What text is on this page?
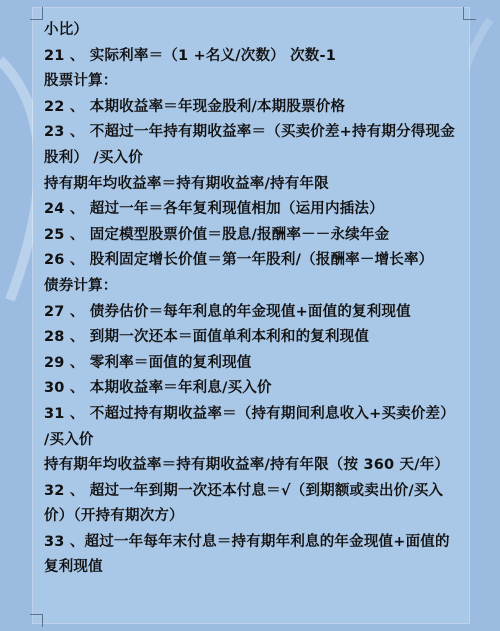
小比）
21 、 实际利率＝（1 +名义/次数） 次数-1
股票计算：
22 、 本期收益率＝年现金股利/本期股票价格
23 、 不超过一年持有期收益率＝（买卖价差+持有期分得现金
股利） /买入价
持有期年均收益率＝持有期收益率/持有年限
24 、 超过一年＝各年复利现值相加（运用内插法）
25 、 固定模型股票价值＝股息/报酬率－－永续年金
26 、 股利固定增长价值＝第一年股利/（报酬率－增长率）
债券计算：
27 、 债券估价＝每年利息的年金现值+面值的复利现值
28 、 到期一次还本＝面值单利本利和的复利现值
29 、 零利率＝面值的复利现值
30 、 本期收益率＝年利息/买入价
31 、 不超过持有期收益率＝（持有期间利息收入+买卖价差）
/买入价
持有期年均收益率＝持有期收益率/持有年限（按 360 天/年）
32 、 超过一年到期一次还本付息＝√（到期额或卖出价/买入
价）（开持有期次方）
33 、超过一年每年末付息＝持有期年利息的年金现值+面值的
复利现值
